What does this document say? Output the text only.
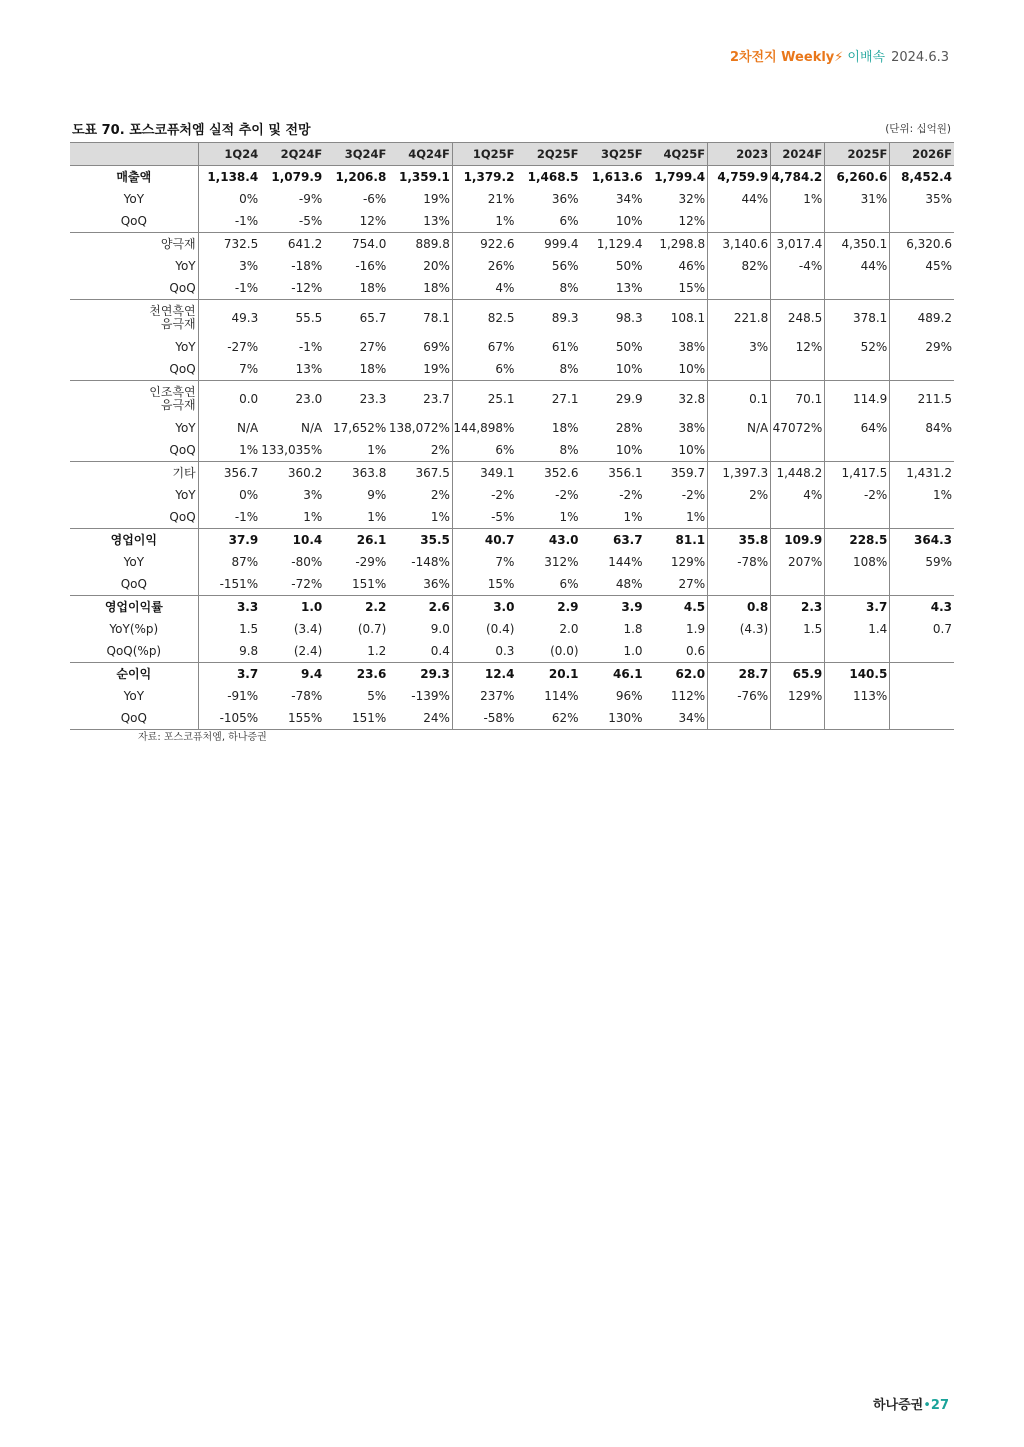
2차전지 Weekly⚡ 이배속 2024.6.3
도표 70. 포스코퓨처엠 실적 추이 및 전망	(단위: 십억원)
	1Q24	2Q24F	3Q24F	4Q24F	1Q25F	2Q25F	3Q25F	4Q25F	2023	2024F	2025F	2026F

매출액	1,138.4	1,079.9	1,206.8	1,359.1	1,379.2	1,468.5	1,613.6	1,799.4	4,759.9	4,784.2	6,260.6	8,452.4

YoY	0%	-9%	-6%	19%	21%	36%	34%	32%	44%	1%	31%	35%

QoQ	-1%	-5%	12%	13%	1%	6%	10%	12%				

양극재	732.5	641.2	754.0	889.8	922.6	999.4	1,129.4	1,298.8	3,140.6	3,017.4	4,350.1	6,320.6

YoY	3%	-18%	-16%	20%	26%	56%	50%	46%	82%	-4%	44%	45%

QoQ	-1%	-12%	18%	18%	4%	8%	13%	15%				

천연흑연
음극재	49.3	55.5	65.7	78.1	82.5	89.3	98.3	108.1	221.8	248.5	378.1	489.2

YoY	-27%	-1%	27%	69%	67%	61%	50%	38%	3%	12%	52%	29%

QoQ	7%	13%	18%	19%	6%	8%	10%	10%				

인조흑연
음극재	0.0	23.0	23.3	23.7	25.1	27.1	29.9	32.8	0.1	70.1	114.9	211.5

YoY	N/A	N/A	17,652%	138,072%	144,898%	18%	28%	38%	N/A	47072%	64%	84%

QoQ	1%	133,035%	1%	2%	6%	8%	10%	10%				

기타	356.7	360.2	363.8	367.5	349.1	352.6	356.1	359.7	1,397.3	1,448.2	1,417.5	1,431.2

YoY	0%	3%	9%	2%	-2%	-2%	-2%	-2%	2%	4%	-2%	1%

QoQ	-1%	1%	1%	1%	-5%	1%	1%	1%				

영업이익	37.9	10.4	26.1	35.5	40.7	43.0	63.7	81.1	35.8	109.9	228.5	364.3

YoY	87%	-80%	-29%	-148%	7%	312%	144%	129%	-78%	207%	108%	59%

QoQ	-151%	-72%	151%	36%	15%	6%	48%	27%				

영업이익률	3.3	1.0	2.2	2.6	3.0	2.9	3.9	4.5	0.8	2.3	3.7	4.3

YoY(%p)	1.5	(3.4)	(0.7)	9.0	(0.4)	2.0	1.8	1.9	(4.3)	1.5	1.4	0.7

QoQ(%p)	9.8	(2.4)	1.2	0.4	0.3	(0.0)	1.0	0.6				

순이익	3.7	9.4	23.6	29.3	12.4	20.1	46.1	62.0	28.7	65.9	140.5	

YoY	-91%	-78%	5%	-139%	237%	114%	96%	112%	-76%	129%	113%	

QoQ	-105%	155%	151%	24%	-58%	62%	130%	34%				
자료: 포스코퓨처엠, 하나증권
하나증권•27
